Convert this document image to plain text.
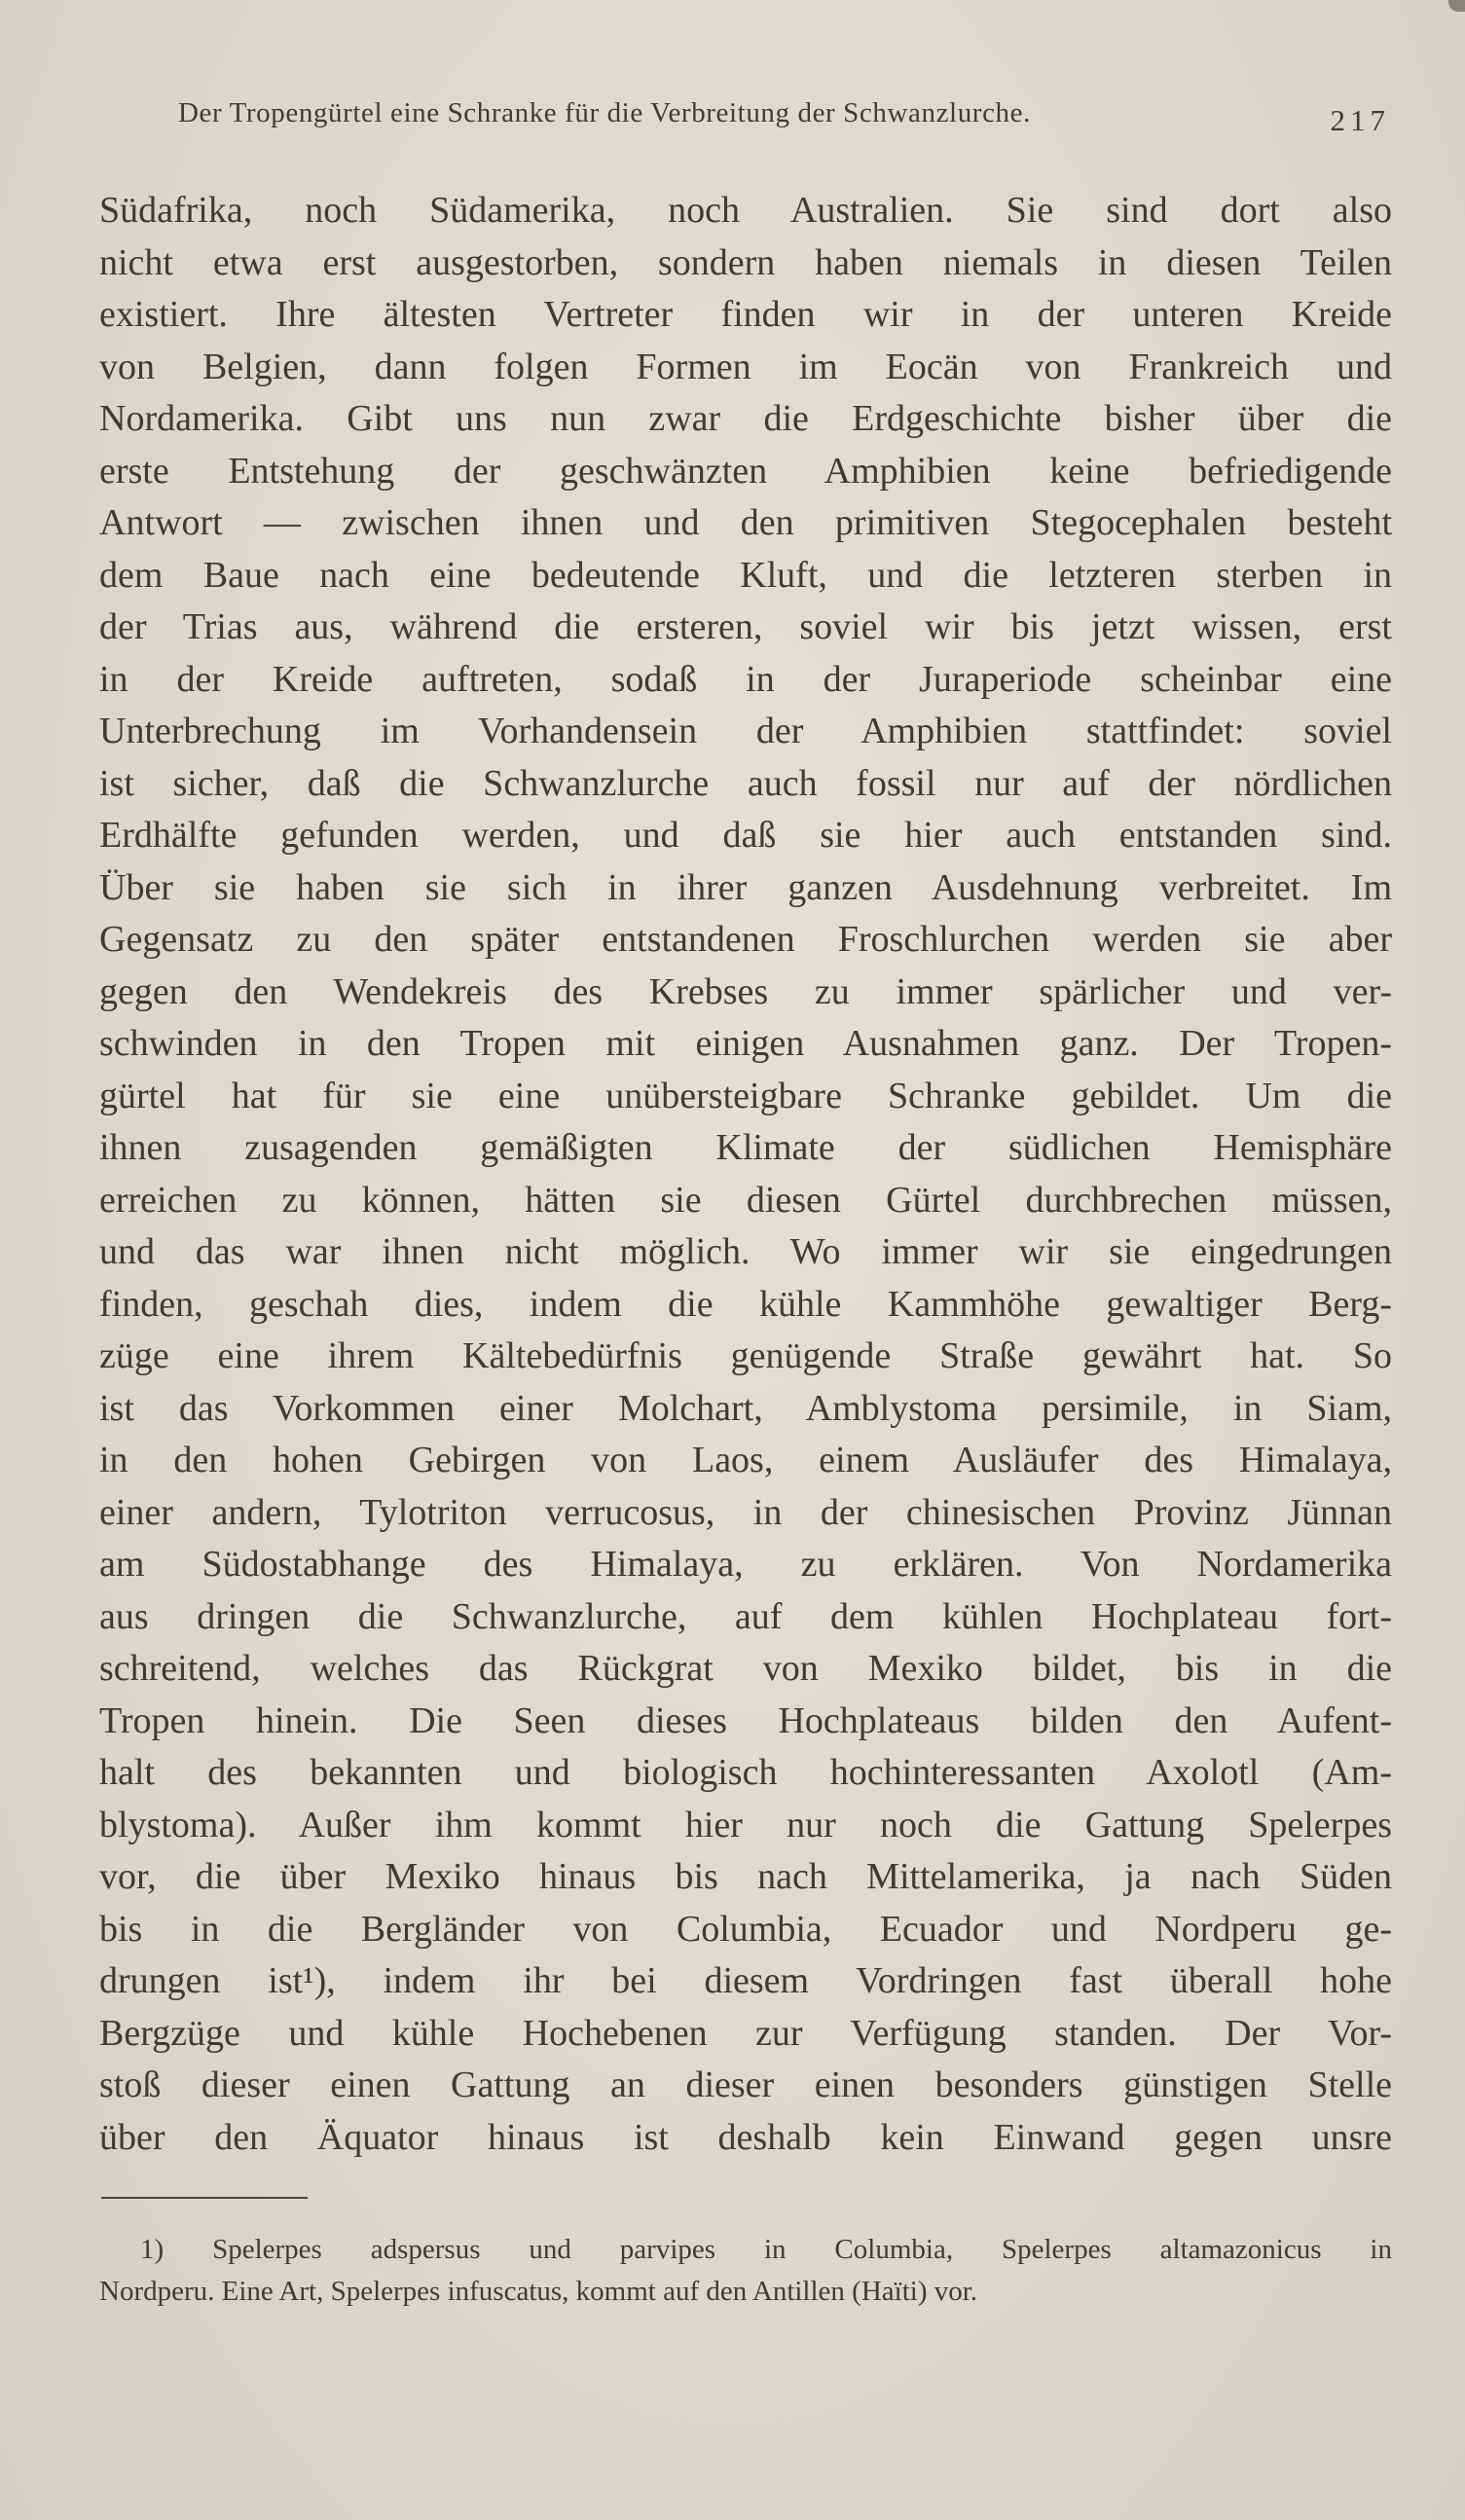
Der Tropengürtel eine Schranke für die Verbreitung der Schwanzlurche.	217
Südafrika, noch Südamerika, noch Australien. Sie sind dort also
nicht etwa erst ausgestorben, sondern haben niemals in diesen Teilen
existiert. Ihre ältesten Vertreter finden wir in der unteren Kreide
von Belgien, dann folgen Formen im Eocän von Frankreich und
Nordamerika. Gibt uns nun zwar die Erdgeschichte bisher über die
erste Entstehung der geschwänzten Amphibien keine befriedigende
Antwort — zwischen ihnen und den primitiven Stegocephalen besteht
dem Baue nach eine bedeutende Kluft, und die letzteren sterben in
der Trias aus, während die ersteren, soviel wir bis jetzt wissen, erst
in der Kreide auftreten, sodaß in der Juraperiode scheinbar eine
Unterbrechung im Vorhandensein der Amphibien stattfindet: soviel
ist sicher, daß die Schwanzlurche auch fossil nur auf der nördlichen
Erdhälfte gefunden werden, und daß sie hier auch entstanden sind.
Über sie haben sie sich in ihrer ganzen Ausdehnung verbreitet. Im
Gegensatz zu den später entstandenen Froschlurchen werden sie aber
gegen den Wendekreis des Krebses zu immer spärlicher und ver-
schwinden in den Tropen mit einigen Ausnahmen ganz. Der Tropen-
gürtel hat für sie eine unübersteigbare Schranke gebildet. Um die
ihnen zusagenden gemäßigten Klimate der südlichen Hemisphäre
erreichen zu können, hätten sie diesen Gürtel durchbrechen müssen,
und das war ihnen nicht möglich. Wo immer wir sie eingedrungen
finden, geschah dies, indem die kühle Kammhöhe gewaltiger Berg-
züge eine ihrem Kältebedürfnis genügende Straße gewährt hat. So
ist das Vorkommen einer Molchart, Amblystoma persimile, in Siam,
in den hohen Gebirgen von Laos, einem Ausläufer des Himalaya,
einer andern, Tylotriton verrucosus, in der chinesischen Provinz Jünnan
am Südostabhange des Himalaya, zu erklären. Von Nordamerika
aus dringen die Schwanzlurche, auf dem kühlen Hochplateau fort-
schreitend, welches das Rückgrat von Mexiko bildet, bis in die
Tropen hinein. Die Seen dieses Hochplateaus bilden den Aufent-
halt des bekannten und biologisch hochinteressanten Axolotl (Am-
blystoma). Außer ihm kommt hier nur noch die Gattung Spelerpes
vor, die über Mexiko hinaus bis nach Mittelamerika, ja nach Süden
bis in die Bergländer von Columbia, Ecuador und Nordperu ge-
drungen ist¹), indem ihr bei diesem Vordringen fast überall hohe
Bergzüge und kühle Hochebenen zur Verfügung standen. Der Vor-
stoß dieser einen Gattung an dieser einen besonders günstigen Stelle
über den Äquator hinaus ist deshalb kein Einwand gegen unsre
1) Spelerpes adspersus und parvipes in Columbia, Spelerpes altamazonicus in
Nordperu. Eine Art, Spelerpes infuscatus, kommt auf den Antillen (Haïti) vor.
